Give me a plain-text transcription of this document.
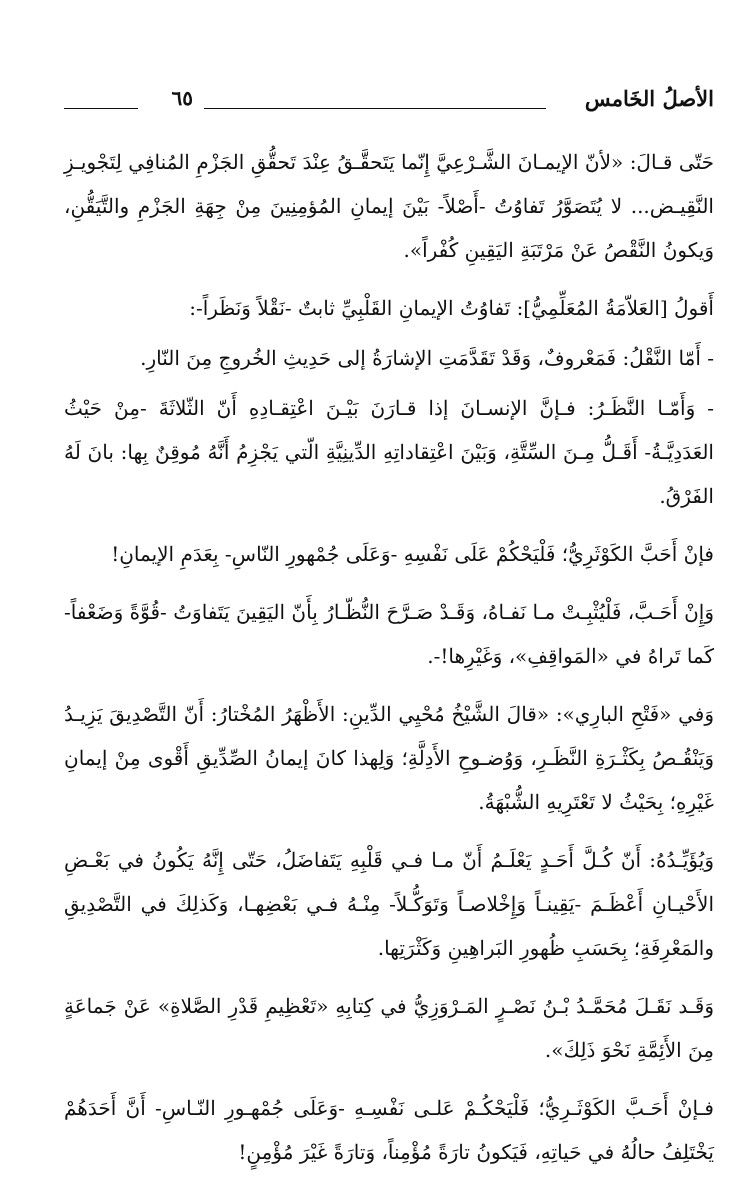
الأصلُ الخَامس
٦٥

حَتّى قـالَ: «لأنّ الإيمـانَ الشَّـرْعِيَّ إِنّما يَتَحقَّـقُ عِنْدَ تَحقُّقِ الجَزْمِ المُنافِي لِتَجْويـزِ النَّقِيـض... لا يُتَصَوَّرُ تَفاوُتُ -أَصْلاً- بَيْنَ إيمانِ المُؤمِنِينَ مِنْ جِهَةِ الجَزْمِ والتَّيَقُّنِ، وَيكونُ النَّقْصُ عَنْ مَرْتَبَةِ اليَقِينِ كُفْراً».

أَقولُ [العَلاّمَةُ المُعَلِّمِيُّ]: تَفاوُتُ الإيمانِ القَلْبِيِّ ثابتٌ -نَقْلاً وَنَظَراً-:

- أَمّا النَّقْلُ: فَمَعْروفٌ، وَقَدْ تَقَدَّمَتِ الإشارَةُ إلى حَدِيثِ الخُروجِ مِنَ النّارِ.

- وَأَمّـا النَّظَـرُ: فـإنَّ الإنسـانَ إذا قـارَنَ بَيْـنَ اعْتِقـادِهِ أَنّ الثّلاثَةَ -مِنْ حَيْثُ العَدَدِيَّـةُ- أَقَـلُّ مِـنَ السِّتَّةِ، وَبَيْنَ اعْتِقاداتِهِ الدِّينِيَّةِ الّتي يَجْزِمُ أَنَّهُ مُوقِنٌ بِها: بانَ لَهُ الفَرْقُ.

فإنْ أَحَبَّ الكَوْثَرِيُّ؛ فَلْيَحْكُمْ عَلَى نَفْسِهِ -وَعَلَى جُمْهورِ النّاسِ- بِعَدَمِ الإيمانِ!

وَإِنْ أَحَـبَّ، فَلْيُثْبِـتْ مـا نَفـاهُ، وَقَـدْ صَـرَّحَ النُّظّـارُ بِأَنّ اليَقِينَ يَتَفاوَتُ -قُوَّةً وَضَعْفاً- كَما تَراهُ في «المَواقِفِ»، وَغَيْرِها!-.

وَفي «فَتْحِ البارِي»: «قالَ الشَّيْخُ مُحْيِي الدِّينِ: الأَظْهَرُ المُخْتارُ: أَنّ التَّصْدِيقَ يَزِيـدُ وَيَنْقُـصُ بِكَثْـرَةِ النَّظَـرِ، وَوُضـوحِ الأَدِلَّةِ؛ وَلِهذا كانَ إيمانُ الصِّدِّيقِ أَقْوى مِنْ إيمانِ غَيْرِهِ؛ بِحَيْثُ لا تَعْتَرِيهِ الشُّبْهَةُ.

وَيُؤَيِّـدُهُ: أَنّ كُـلَّ أَحَـدٍ يَعْلَـمُ أَنّ مـا فـي قَلْبِهِ يَتَفاضَلُ، حَتّى إِنَّهُ يَكُونُ في بَعْـضِ الأَحْيـانِ أَعْظَـمَ -يَقِينـاً وَإِخْلاصـاً وَتَوَكُّـلاً- مِنْـهُ فـي بَعْضِهـا، وَكَذلِكَ في التَّصْدِيقِ والمَعْرِفَةِ؛ بِحَسَبِ ظُهورِ البَراهِينِ وَكَثْرَتِها.

وَقَـد نَقَـلَ مُحَمَّـدُ بْـنُ نَصْـرٍ المَـرْوَزِيُّ في كِتابِهِ «تَعْظِيمِ قَدْرِ الصَّلاةِ» عَنْ جَماعَةٍ مِنَ الأَئِمَّةِ نَحْوَ ذَلِكَ».

فـإنْ أَحَـبَّ الكَوْثَـرِيُّ؛ فَلْيَحْكُـمْ عَلـى نَفْسِـهِ -وَعَلَى جُمْهـورِ النّـاسِ- أَنَّ أَحَدَهُمْ يَخْتَلِفُ حالُهُ في حَياتِهِ، فَيَكونُ تارَةً مُؤْمِناً، وَتارَةً غَيْرَ مُؤْمِنٍ!
